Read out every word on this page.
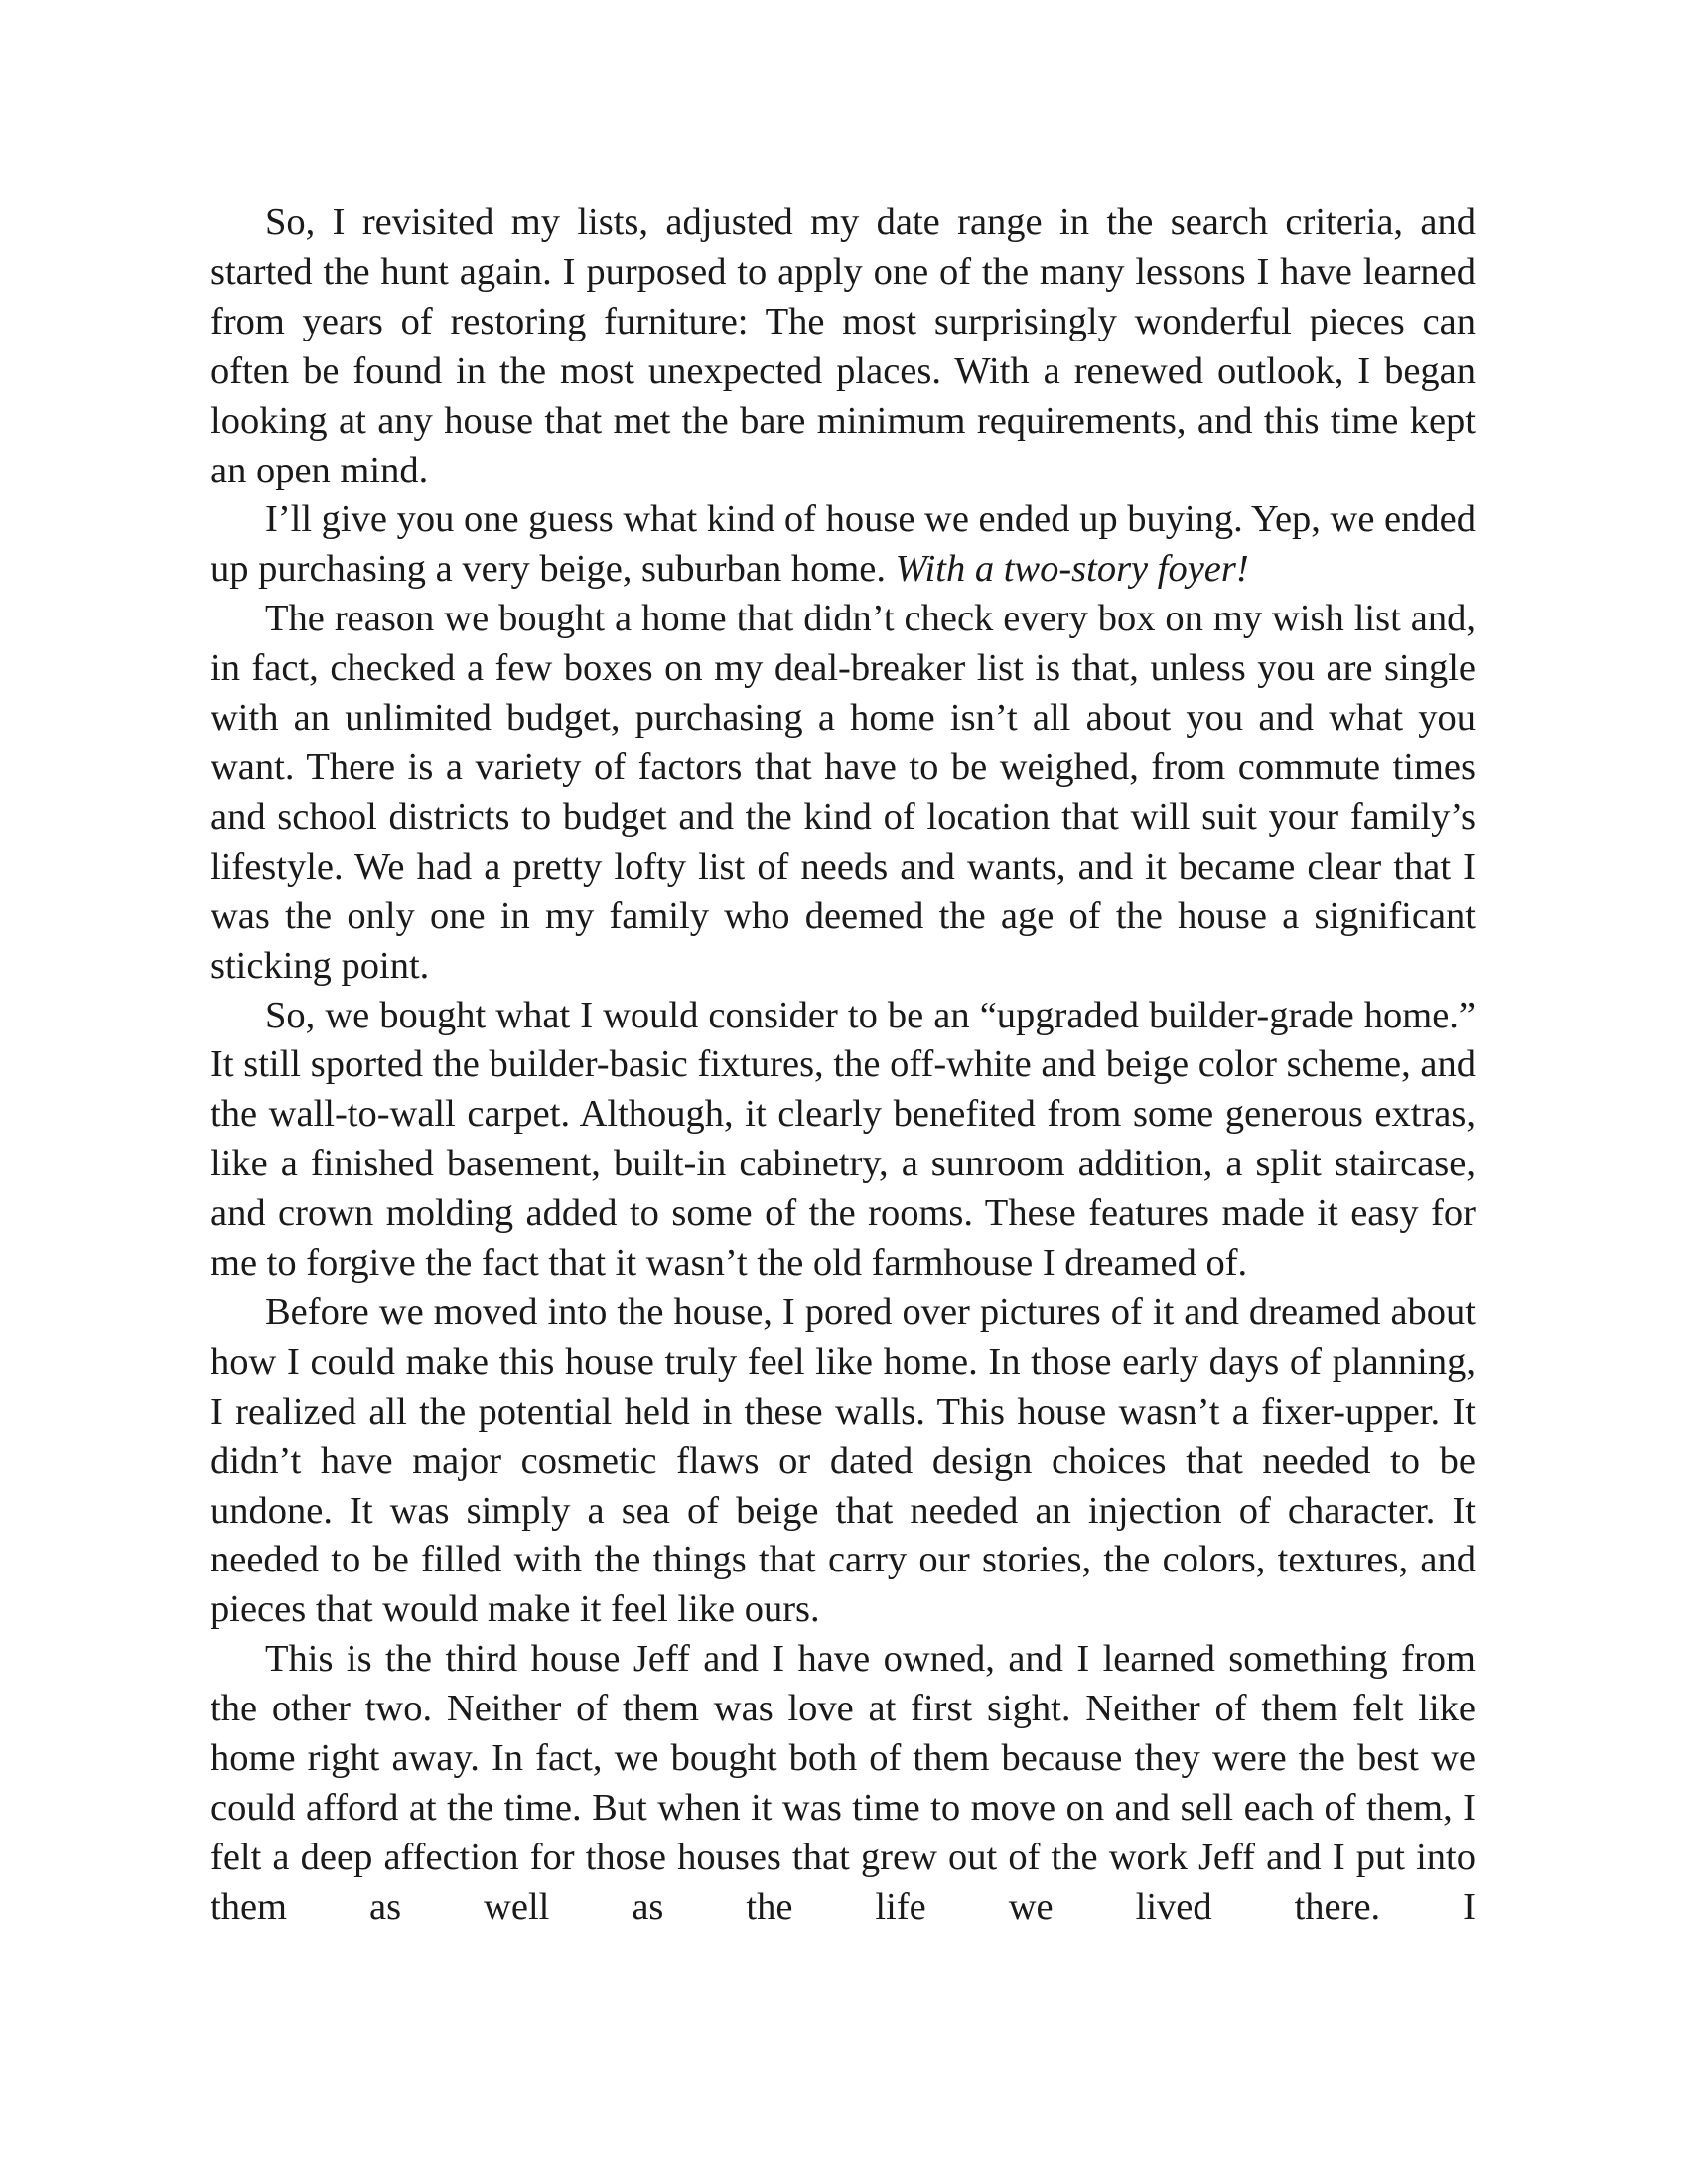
So, I revisited my lists, adjusted my date range in the search criteria, and started the hunt again. I purposed to apply one of the many lessons I have learned from years of restoring furniture: The most surprisingly wonderful pieces can often be found in the most unexpected places. With a renewed outlook, I began looking at any house that met the bare minimum requirements, and this time kept an open mind.

I’ll give you one guess what kind of house we ended up buying. Yep, we ended up purchasing a very beige, suburban home. With a two-story foyer!

The reason we bought a home that didn’t check every box on my wish list and, in fact, checked a few boxes on my deal-breaker list is that, unless you are single with an unlimited budget, purchasing a home isn’t all about you and what you want. There is a variety of factors that have to be weighed, from commute times and school districts to budget and the kind of location that will suit your family’s lifestyle. We had a pretty lofty list of needs and wants, and it became clear that I was the only one in my family who deemed the age of the house a significant sticking point.

So, we bought what I would consider to be an “upgraded builder-grade home.” It still sported the builder-basic fixtures, the off-white and beige color scheme, and the wall-to-wall carpet. Although, it clearly benefited from some generous extras, like a finished basement, built-in cabinetry, a sunroom addition, a split staircase, and crown molding added to some of the rooms. These features made it easy for me to forgive the fact that it wasn’t the old farmhouse I dreamed of.

Before we moved into the house, I pored over pictures of it and dreamed about how I could make this house truly feel like home. In those early days of planning, I realized all the potential held in these walls. This house wasn’t a fixer-upper. It didn’t have major cosmetic flaws or dated design choices that needed to be undone. It was simply a sea of beige that needed an injection of character. It needed to be filled with the things that carry our stories, the colors, textures, and pieces that would make it feel like ours.

This is the third house Jeff and I have owned, and I learned something from the other two. Neither of them was love at first sight. Neither of them felt like home right away. In fact, we bought both of them because they were the best we could afford at the time. But when it was time to move on and sell each of them, I felt a deep affection for those houses that grew out of the work Jeff and I put into them as well as the life we lived there. I
